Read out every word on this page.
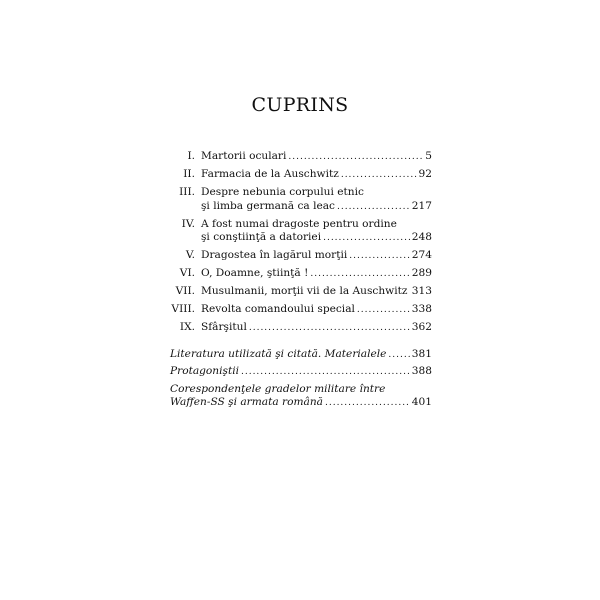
CUPRINS
I. Martorii oculari .....	5
II. Farmacia de la Auschwitz .....	92
III. Despre nebunia corpului etnic
şi limba germană ca leac .....	217
IV. A fost numai dragoste pentru ordine
şi conştiinţă a datoriei .....	248
V. Dragostea în lagărul morţii .....	274
VI. O, Doamne, ştiinţă ! .....	289
VII. Musulmanii, morţii vii de la Auschwitz ..... 313
VIII. Revolta comandoului special .....	338
IX. Sfârşitul .....	362
Literatura utilizată şi citată. Materialele ..... 381
Protagoniştii .....	388
Corespondenţele gradelor militare între
Waffen-SS şi armata română .....	401
